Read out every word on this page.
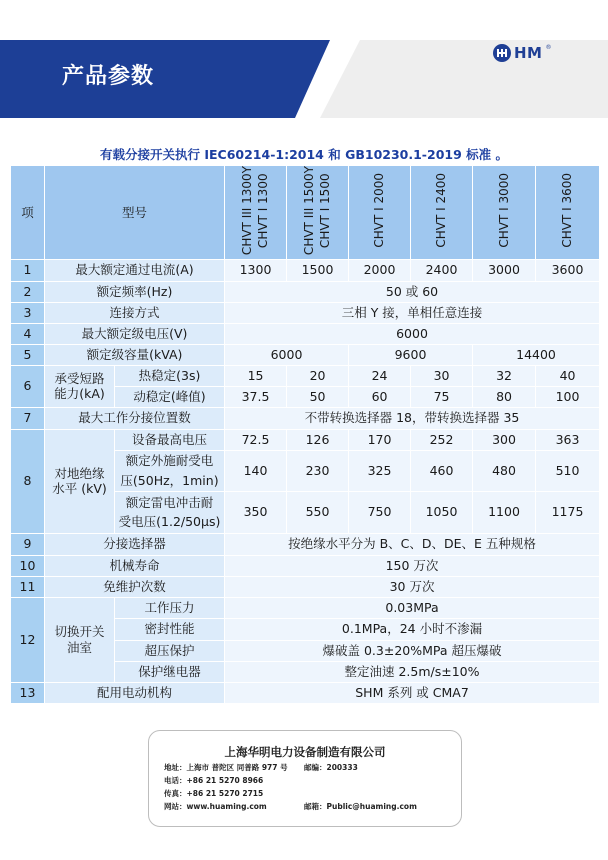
产品参数
HM ®
有载分接开关执行 IEC60214-1:2014 和 GB10230.1-2019 标准 。
项	型号		CHVT III 1300Y CHVT I 1300	CHVT III 1500Y CHVT I 1500	CHVT I 2000	CHVT I 2400	CHVT I 3000	CHVT I 3600

1	最大额定通过电流(A)		1300	1500	2000	2400	3000	3600
2	额定频率(Hz)		50 或 60					
3	连接方式		三相 Y 接，单相任意连接					
4	最大额定级电压(V)		6000					
5	额定级容量(kVA)		6000		9600		14400	
6	承受短路
能力(kA)	热稳定(3s)	15	20	24	30	32	40
		动稳定(峰值)	37.5	50	60	75	80	100
7	最大工作分接位置数		不带转换选择器 18，带转换选择器 35					
8	对地绝缘
水平 (kV)	设备最高电压	72.5	126	170	252	300	363
		额定外施耐受电
压(50Hz，1min)	140	230	325	460	480	510
		额定雷电冲击耐
受电压(1.2/50μs)	350	550	750	1050	1100	1175
9	分接选择器		按绝缘水平分为 B、C、D、DE、E 五种规格					
10	机械寿命		150 万次					
11	免维护次数		30 万次					
12	切换开关
油室	工作压力	0.03MPa					
		密封性能	0.1MPa，24 小时不渗漏					
		超压保护	爆破盖 0.3±20%MPa 超压爆破					
		保护继电器	整定油速 2.5m/s±10%					
13	配用电动机构		SHM 系列 或 CMA7					
上海华明电力设备制造有限公司
地址：上海市 普陀区 同普路 977 号 邮编：200333
电话：+86 21 5270 8966
传真：+86 21 5270 2715
网站：www.huaming.com	邮箱：Public@huaming.com
